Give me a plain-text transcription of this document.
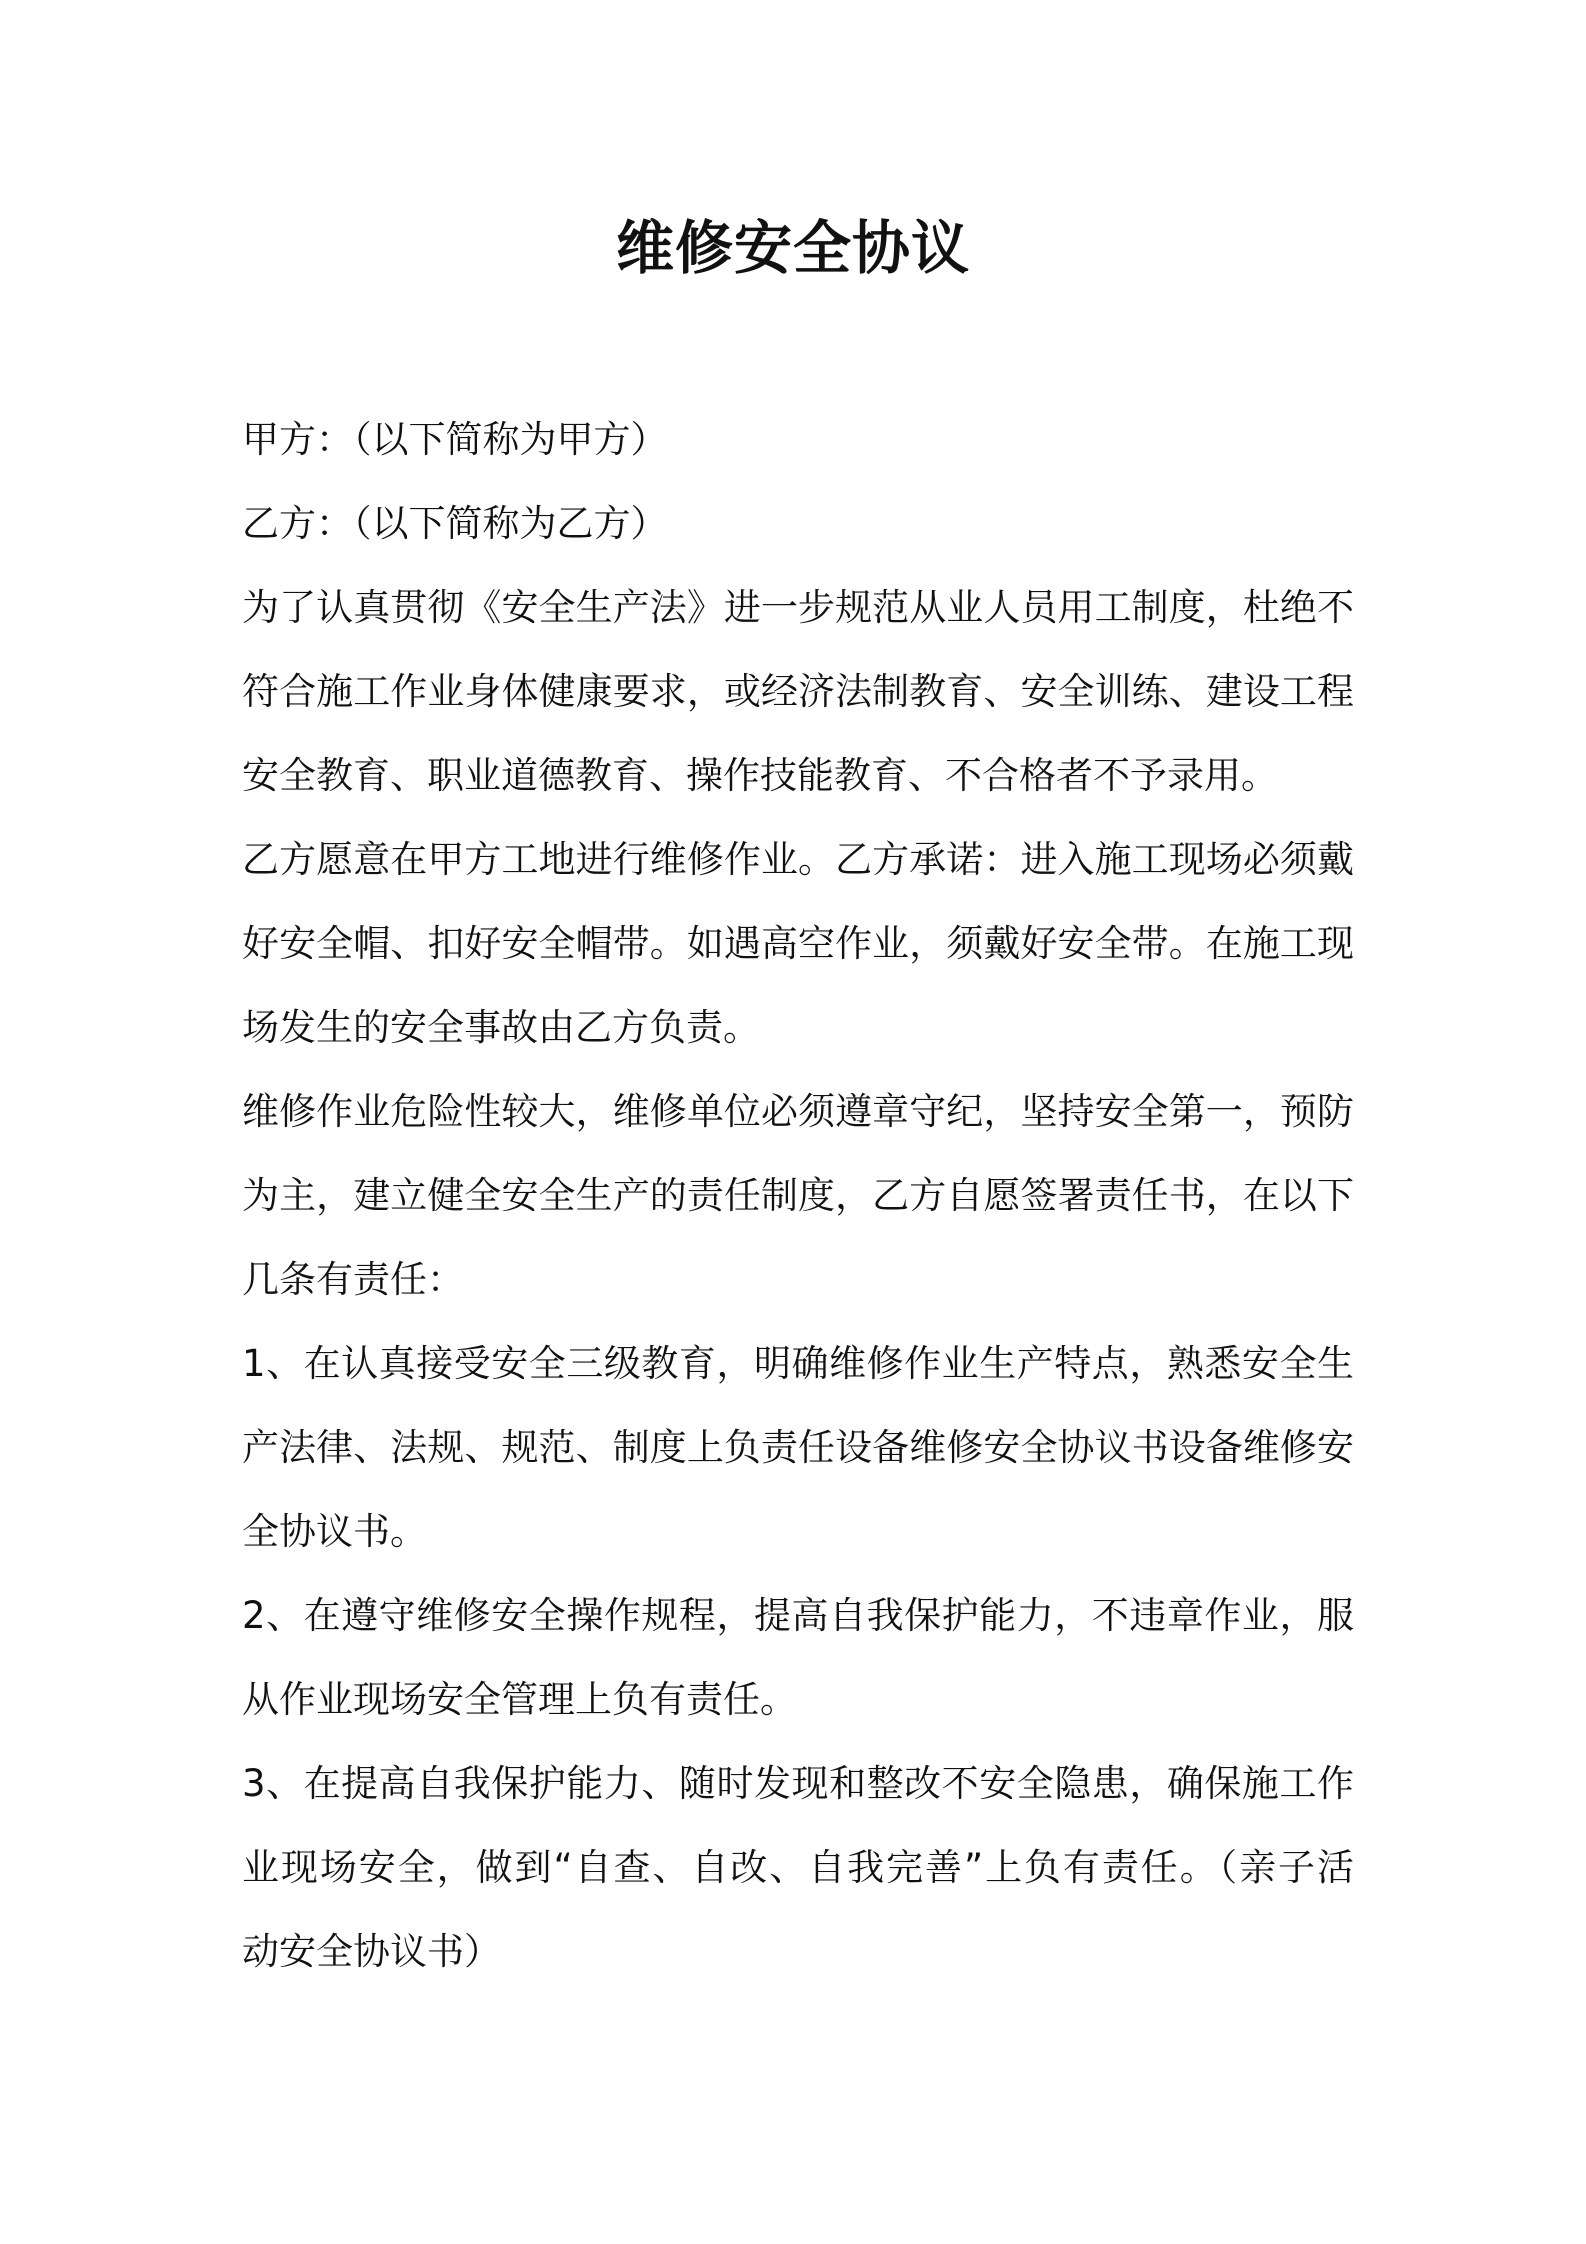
维修安全协议

甲方：（以下简称为甲方）

乙方：（以下简称为乙方）

为了认真贯彻《安全生产法》进一步规范从业人员用工制度，杜绝不

符合施工作业身体健康要求，或经济法制教育、安全训练、建设工程

安全教育、职业道德教育、操作技能教育、不合格者不予录用。

乙方愿意在甲方工地进行维修作业。乙方承诺：进入施工现场必须戴

好安全帽、扣好安全帽带。如遇高空作业，须戴好安全带。在施工现

场发生的安全事故由乙方负责。

维修作业危险性较大，维修单位必须遵章守纪，坚持安全第一，预防

为主，建立健全安全生产的责任制度，乙方自愿签署责任书，在以下

几条有责任：

1、在认真接受安全三级教育，明确维修作业生产特点，熟悉安全生

产法律、法规、规范、制度上负责任设备维修安全协议书设备维修安

全协议书。

2、在遵守维修安全操作规程，提高自我保护能力，不违章作业，服

从作业现场安全管理上负有责任。

3、在提高自我保护能力、随时发现和整改不安全隐患，确保施工作

业现场安全，做到“自查、自改、自我完善”上负有责任。（亲子活

动安全协议书）
